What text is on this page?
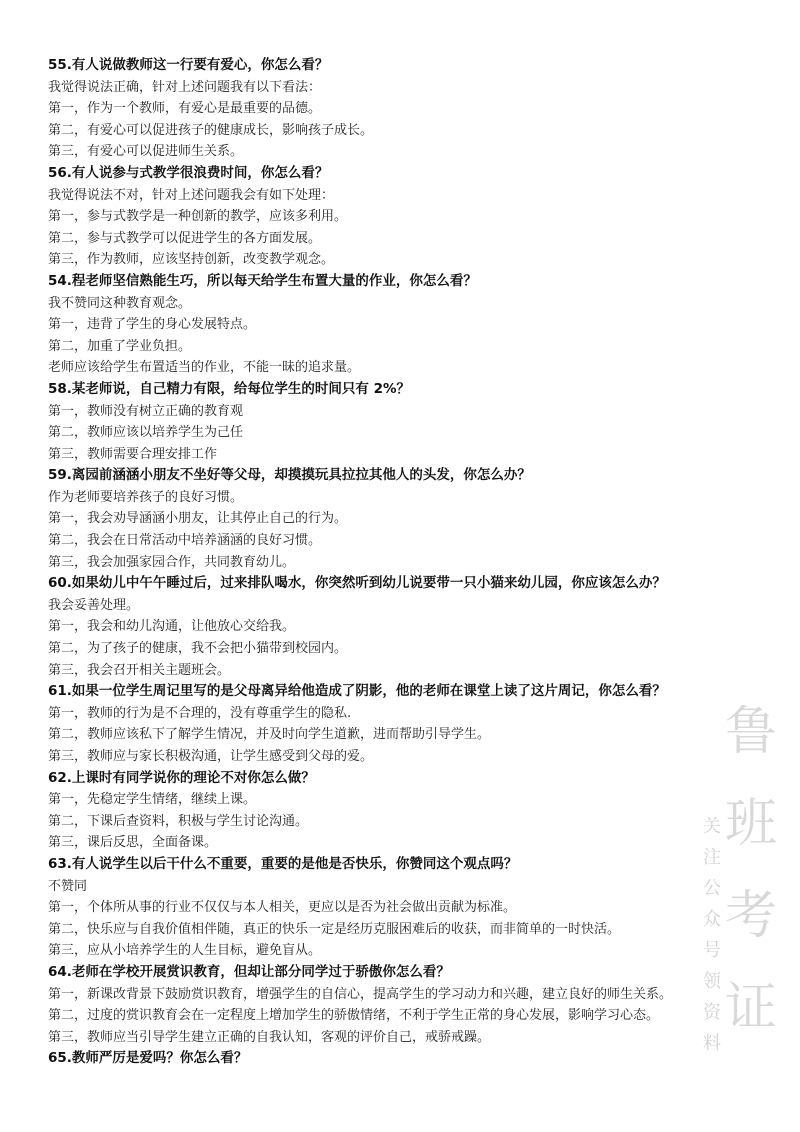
55.有人说做教师这一行要有爱心，你怎么看？
我觉得说法正确，针对上述问题我有以下看法：
第一，作为一个教师，有爱心是最重要的品德。
第二，有爱心可以促进孩子的健康成长，影响孩子成长。
第三，有爱心可以促进师生关系。
56.有人说参与式教学很浪费时间，你怎么看？
我觉得说法不对，针对上述问题我会有如下处理：
第一，参与式教学是一种创新的教学，应该多利用。
第二，参与式教学可以促进学生的各方面发展。
第三，作为教师，应该坚持创新，改变教学观念。
54.程老师坚信熟能生巧，所以每天给学生布置大量的作业，你怎么看？
我不赞同这种教育观念。
第一，违背了学生的身心发展特点。
第二，加重了学业负担。
老师应该给学生布置适当的作业，不能一昧的追求量。
58.某老师说，自己精力有限，给每位学生的时间只有 2%？
第一，教师没有树立正确的教育观
第二，教师应该以培养学生为己任
第三，教师需要合理安排工作
59.离园前涵涵小朋友不坐好等父母，却摸摸玩具拉拉其他人的头发，你怎么办？
作为老师要培养孩子的良好习惯。
第一，我会劝导涵涵小朋友，让其停止自己的行为。
第二，我会在日常活动中培养涵涵的良好习惯。
第三，我会加强家园合作，共同教育幼儿。
60.如果幼儿中午午睡过后，过来排队喝水，你突然听到幼儿说要带一只小猫来幼儿园，你应该怎么办？
我会妥善处理。
第一，我会和幼儿沟通，让他放心交给我。
第二，为了孩子的健康，我不会把小猫带到校园内。
第三，我会召开相关主题班会。
61.如果一位学生周记里写的是父母离异给他造成了阴影，他的老师在课堂上读了这片周记，你怎么看？
第一，教师的行为是不合理的，没有尊重学生的隐私.
第二，教师应该私下了解学生情况，并及时向学生道歉，进而帮助引导学生。
第三，教师应与家长积极沟通，让学生感受到父母的爱。
62.上课时有同学说你的理论不对你怎么做？
第一，先稳定学生情绪，继续上课。
第二，下课后查资料，积极与学生讨论沟通。
第三，课后反思，全面备课。
63.有人说学生以后干什么不重要，重要的是他是否快乐，你赞同这个观点吗？
不赞同
第一，个体所从事的行业不仅仅与本人相关，更应以是否为社会做出贡献为标准。
第二，快乐应与自我价值相伴随，真正的快乐一定是经历克服困难后的收获，而非简单的一时快活。
第三，应从小培养学生的人生目标，避免盲从。
64.老师在学校开展赏识教育，但却让部分同学过于骄傲你怎么看？
第一，新课改背景下鼓励赏识教育，增强学生的自信心，提高学生的学习动力和兴趣，建立良好的师生关系。
第二，过度的赏识教育会在一定程度上增加学生的骄傲情绪，不利于学生正常的身心发展，影响学习心态。
第三，教师应当引导学生建立正确的自我认知，客观的评价自己，戒骄戒躁。
65.教师严厉是爱吗？你怎么看？
关
注
公
众
号
领
资
料
鲁
班
考
证
